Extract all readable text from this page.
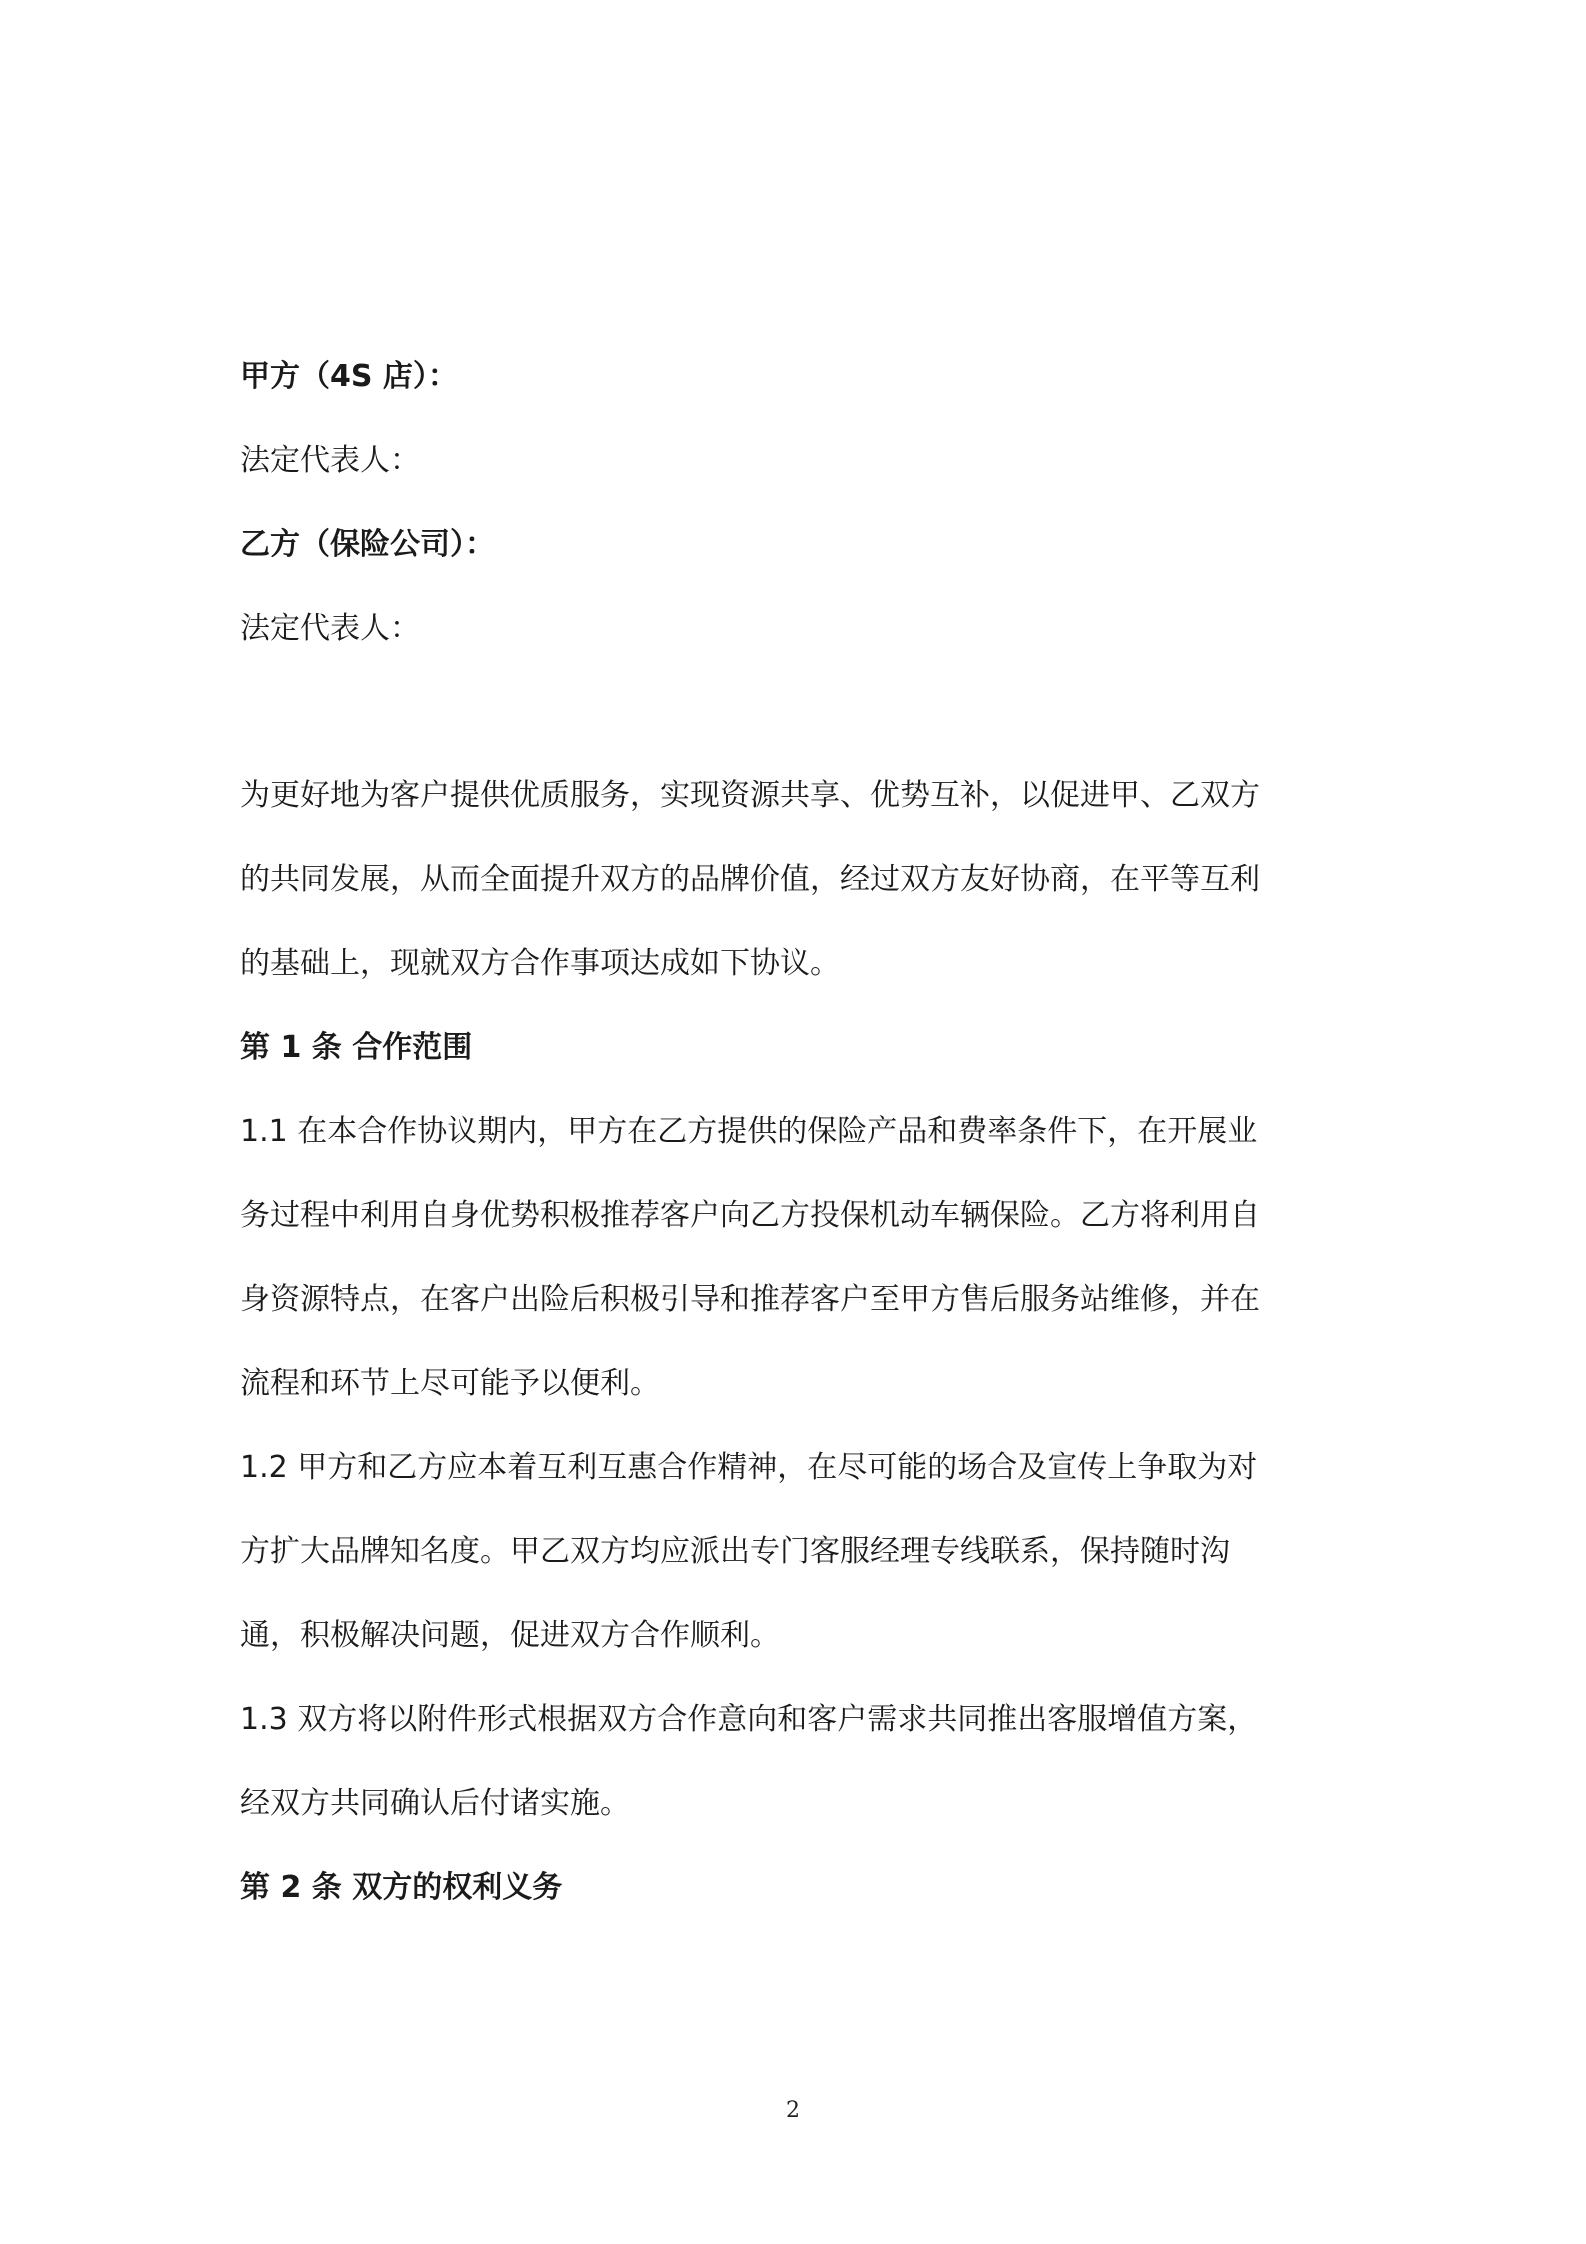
甲方（4S 店）：
法定代表人：
乙方（保险公司）：
法定代表人：
为更好地为客户提供优质服务，实现资源共享、优势互补，以促进甲、乙双方
的共同发展，从而全面提升双方的品牌价值，经过双方友好协商，在平等互利
的基础上，现就双方合作事项达成如下协议。
第 1 条 合作范围
1.1 在本合作协议期内，甲方在乙方提供的保险产品和费率条件下，在开展业
务过程中利用自身优势积极推荐客户向乙方投保机动车辆保险。乙方将利用自
身资源特点，在客户出险后积极引导和推荐客户至甲方售后服务站维修，并在
流程和环节上尽可能予以便利。
1.2 甲方和乙方应本着互利互惠合作精神，在尽可能的场合及宣传上争取为对
方扩大品牌知名度。甲乙双方均应派出专门客服经理专线联系，保持随时沟
通，积极解决问题，促进双方合作顺利。
1.3 双方将以附件形式根据双方合作意向和客户需求共同推出客服增值方案，
经双方共同确认后付诸实施。
第 2 条 双方的权利义务
2
